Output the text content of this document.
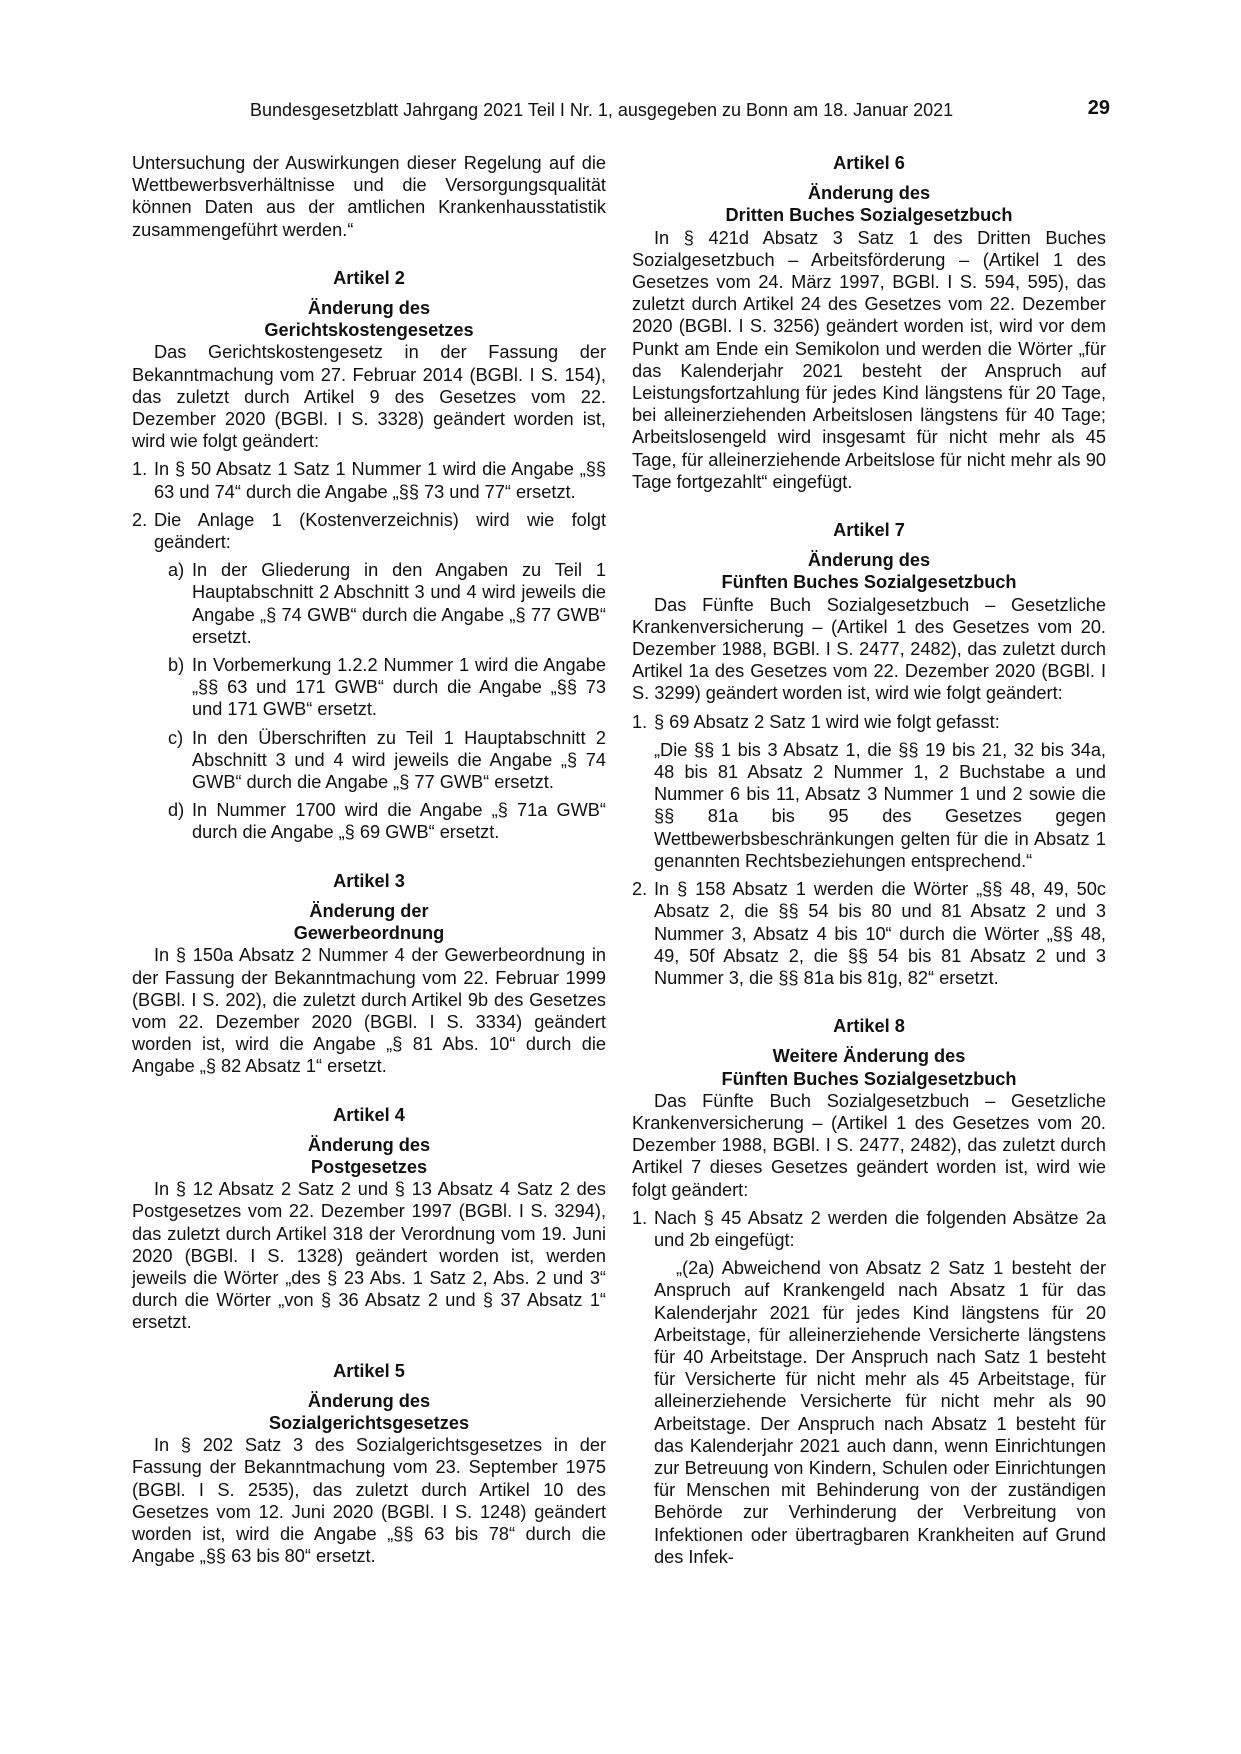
Bundesgesetzblatt Jahrgang 2021 Teil I Nr. 1, ausgegeben zu Bonn am 18. Januar 2021	29

Untersuchung der Auswirkungen dieser Regelung auf die Wettbewerbsverhältnisse und die Versorgungsqualität können Daten aus der amtlichen Krankenhausstatistik zusammengeführt werden.“

Artikel 2
Änderung des
Gerichtskostengesetzes

Das Gerichtskostengesetz in der Fassung der Bekanntmachung vom 27. Februar 2014 (BGBl. I S. 154), das zuletzt durch Artikel 9 des Gesetzes vom 22. Dezember 2020 (BGBl. I S. 3328) geändert worden ist, wird wie folgt geändert:

1. In § 50 Absatz 1 Satz 1 Nummer 1 wird die Angabe „§§ 63 und 74“ durch die Angabe „§§ 73 und 77“ ersetzt.
2. Die Anlage 1 (Kostenverzeichnis) wird wie folgt geändert:
a) In der Gliederung in den Angaben zu Teil 1 Hauptabschnitt 2 Abschnitt 3 und 4 wird jeweils die Angabe „§ 74 GWB“ durch die Angabe „§ 77 GWB“ ersetzt.
b) In Vorbemerkung 1.2.2 Nummer 1 wird die Angabe „§§ 63 und 171 GWB“ durch die Angabe „§§ 73 und 171 GWB“ ersetzt.
c) In den Überschriften zu Teil 1 Hauptabschnitt 2 Abschnitt 3 und 4 wird jeweils die Angabe „§ 74 GWB“ durch die Angabe „§ 77 GWB“ ersetzt.
d) In Nummer 1700 wird die Angabe „§ 71a GWB“ durch die Angabe „§ 69 GWB“ ersetzt.
Artikel 3
Änderung der
Gewerbeordnung

In § 150a Absatz 2 Nummer 4 der Gewerbeordnung in der Fassung der Bekanntmachung vom 22. Februar 1999 (BGBl. I S. 202), die zuletzt durch Artikel 9b des Gesetzes vom 22. Dezember 2020 (BGBl. I S. 3334) geändert worden ist, wird die Angabe „§ 81 Abs. 10“ durch die Angabe „§ 82 Absatz 1“ ersetzt.

Artikel 4
Änderung des
Postgesetzes

In § 12 Absatz 2 Satz 2 und § 13 Absatz 4 Satz 2 des Postgesetzes vom 22. Dezember 1997 (BGBl. I S. 3294), das zuletzt durch Artikel 318 der Verordnung vom 19. Juni 2020 (BGBl. I S. 1328) geändert worden ist, werden jeweils die Wörter „des § 23 Abs. 1 Satz 2, Abs. 2 und 3“ durch die Wörter „von § 36 Absatz 2 und § 37 Absatz 1“ ersetzt.

Artikel 5
Änderung des
Sozialgerichtsgesetzes

In § 202 Satz 3 des Sozialgerichtsgesetzes in der Fassung der Bekanntmachung vom 23. September 1975 (BGBl. I S. 2535), das zuletzt durch Artikel 10 des Gesetzes vom 12. Juni 2020 (BGBl. I S. 1248) geändert worden ist, wird die Angabe „§§ 63 bis 78“ durch die Angabe „§§ 63 bis 80“ ersetzt.

Artikel 6
Änderung des
Dritten Buches Sozialgesetzbuch

In § 421d Absatz 3 Satz 1 des Dritten Buches Sozialgesetzbuch – Arbeitsförderung – (Artikel 1 des Gesetzes vom 24. März 1997, BGBl. I S. 594, 595), das zuletzt durch Artikel 24 des Gesetzes vom 22. Dezember 2020 (BGBl. I S. 3256) geändert worden ist, wird vor dem Punkt am Ende ein Semikolon und werden die Wörter „für das Kalenderjahr 2021 besteht der Anspruch auf Leistungsfortzahlung für jedes Kind längstens für 20 Tage, bei alleinerziehenden Arbeitslosen längstens für 40 Tage; Arbeitslosengeld wird insgesamt für nicht mehr als 45 Tage, für alleinerziehende Arbeitslose für nicht mehr als 90 Tage fortgezahlt“ eingefügt.

Artikel 7
Änderung des
Fünften Buches Sozialgesetzbuch

Das Fünfte Buch Sozialgesetzbuch – Gesetzliche Krankenversicherung – (Artikel 1 des Gesetzes vom 20. Dezember 1988, BGBl. I S. 2477, 2482), das zuletzt durch Artikel 1a des Gesetzes vom 22. Dezember 2020 (BGBl. I S. 3299) geändert worden ist, wird wie folgt geändert:

1. § 69 Absatz 2 Satz 1 wird wie folgt gefasst:
„Die §§ 1 bis 3 Absatz 1, die §§ 19 bis 21, 32 bis 34a, 48 bis 81 Absatz 2 Nummer 1, 2 Buchstabe a und Nummer 6 bis 11, Absatz 3 Nummer 1 und 2 sowie die §§ 81a bis 95 des Gesetzes gegen Wettbewerbsbeschränkungen gelten für die in Absatz 1 genannten Rechtsbeziehungen entsprechend.“
2. In § 158 Absatz 1 werden die Wörter „§§ 48, 49, 50c Absatz 2, die §§ 54 bis 80 und 81 Absatz 2 und 3 Nummer 3, Absatz 4 bis 10“ durch die Wörter „§§ 48, 49, 50f Absatz 2, die §§ 54 bis 81 Absatz 2 und 3 Nummer 3, die §§ 81a bis 81g, 82“ ersetzt.
Artikel 8
Weitere Änderung des
Fünften Buches Sozialgesetzbuch

Das Fünfte Buch Sozialgesetzbuch – Gesetzliche Krankenversicherung – (Artikel 1 des Gesetzes vom 20. Dezember 1988, BGBl. I S. 2477, 2482), das zuletzt durch Artikel 7 dieses Gesetzes geändert worden ist, wird wie folgt geändert:

1. Nach § 45 Absatz 2 werden die folgenden Absätze 2a und 2b eingefügt:
„(2a) Abweichend von Absatz 2 Satz 1 besteht der Anspruch auf Krankengeld nach Absatz 1 für das Kalenderjahr 2021 für jedes Kind längstens für 20 Arbeitstage, für alleinerziehende Versicherte längstens für 40 Arbeitstage. Der Anspruch nach Satz 1 besteht für Versicherte für nicht mehr als 45 Arbeitstage, für alleinerziehende Versicherte für nicht mehr als 90 Arbeitstage. Der Anspruch nach Absatz 1 besteht für das Kalenderjahr 2021 auch dann, wenn Einrichtungen zur Betreuung von Kindern, Schulen oder Einrichtungen für Menschen mit Behinderung von der zuständigen Behörde zur Verhinderung der Verbreitung von Infektionen oder übertragbaren Krankheiten auf Grund des Infek-
